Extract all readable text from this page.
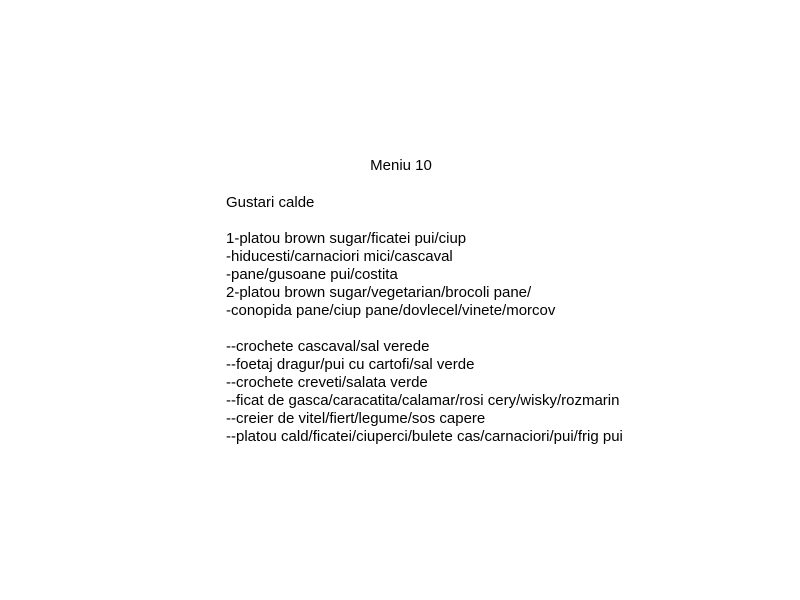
Meniu 10
Gustari calde
1-platou brown sugar/ficatei pui/ciup
-hiducesti/carnaciori mici/cascaval
-pane/gusoane pui/costita
2-platou brown sugar/vegetarian/brocoli pane/
-conopida pane/ciup pane/dovlecel/vinete/morcov
--crochete cascaval/sal verede
--foetaj dragur/pui cu cartofi/sal verde
--crochete creveti/salata verde
--ficat de gasca/caracatita/calamar/rosi cery/wisky/rozmarin
--creier de vitel/fiert/legume/sos capere
--platou cald/ficatei/ciuperci/bulete cas/carnaciori/pui/frig pui
